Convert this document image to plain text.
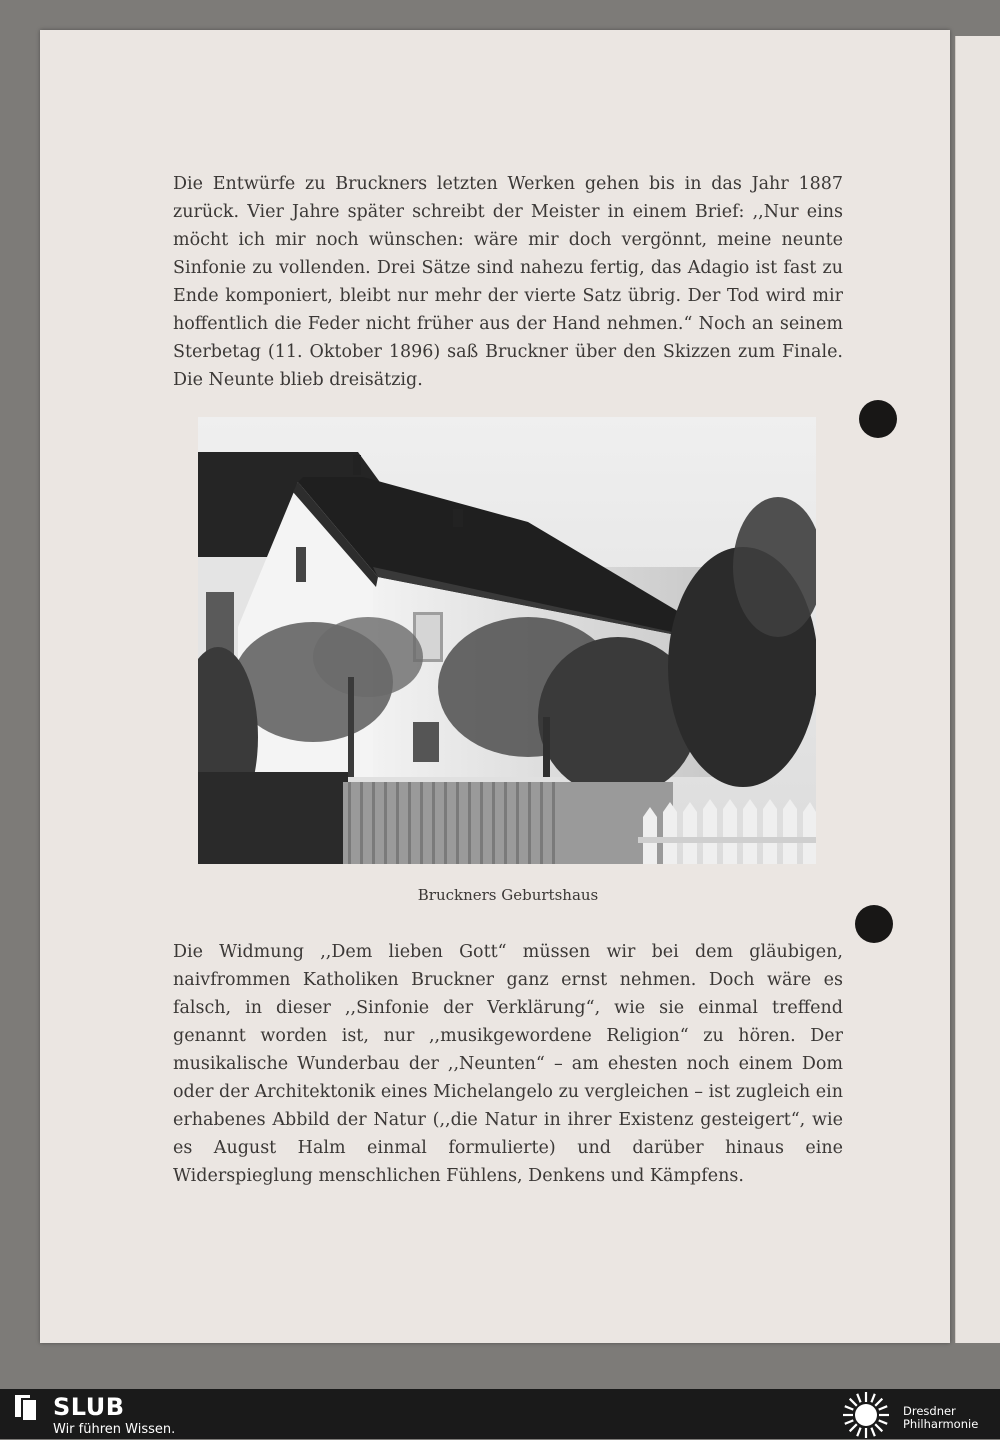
Die Entwürfe zu Bruckners letzten Werken gehen bis in das Jahr 1887 zurück. Vier Jahre später schreibt der Meister in einem Brief: ,,Nur eins möcht ich mir noch wünschen: wäre mir doch vergönnt, meine neunte Sinfonie zu vollenden. Drei Sätze sind nahezu fertig, das Adagio ist fast zu Ende komponiert, bleibt nur mehr der vierte Satz übrig. Der Tod wird mir hoffentlich die Feder nicht früher aus der Hand nehmen.“ Noch an seinem Sterbetag (11. Oktober 1896) saß Bruckner über den Skizzen zum Finale. Die Neunte blieb dreisätzig.

Bruckners Geburtshaus

Die Widmung ,,Dem lieben Gott“ müssen wir bei dem gläubigen, naivfrommen Katholiken Bruckner ganz ernst nehmen. Doch wäre es falsch, in dieser ,,Sinfonie der Verklärung“, wie sie einmal treffend genannt worden ist, nur ,,musikgewordene Religion“ zu hören. Der musikalische Wunderbau der ,,Neunten“ – am ehesten noch einem Dom oder der Architektonik eines Michelangelo zu vergleichen – ist zugleich ein erhabenes Abbild der Natur (,,die Natur in ihrer Existenz gesteigert“, wie es August Halm einmal formulierte) und darüber hinaus eine Widerspieglung menschlichen Fühlens, Denkens und Kämpfens.

SLUB
Wir führen Wissen.
Dresdner
Philharmonie
